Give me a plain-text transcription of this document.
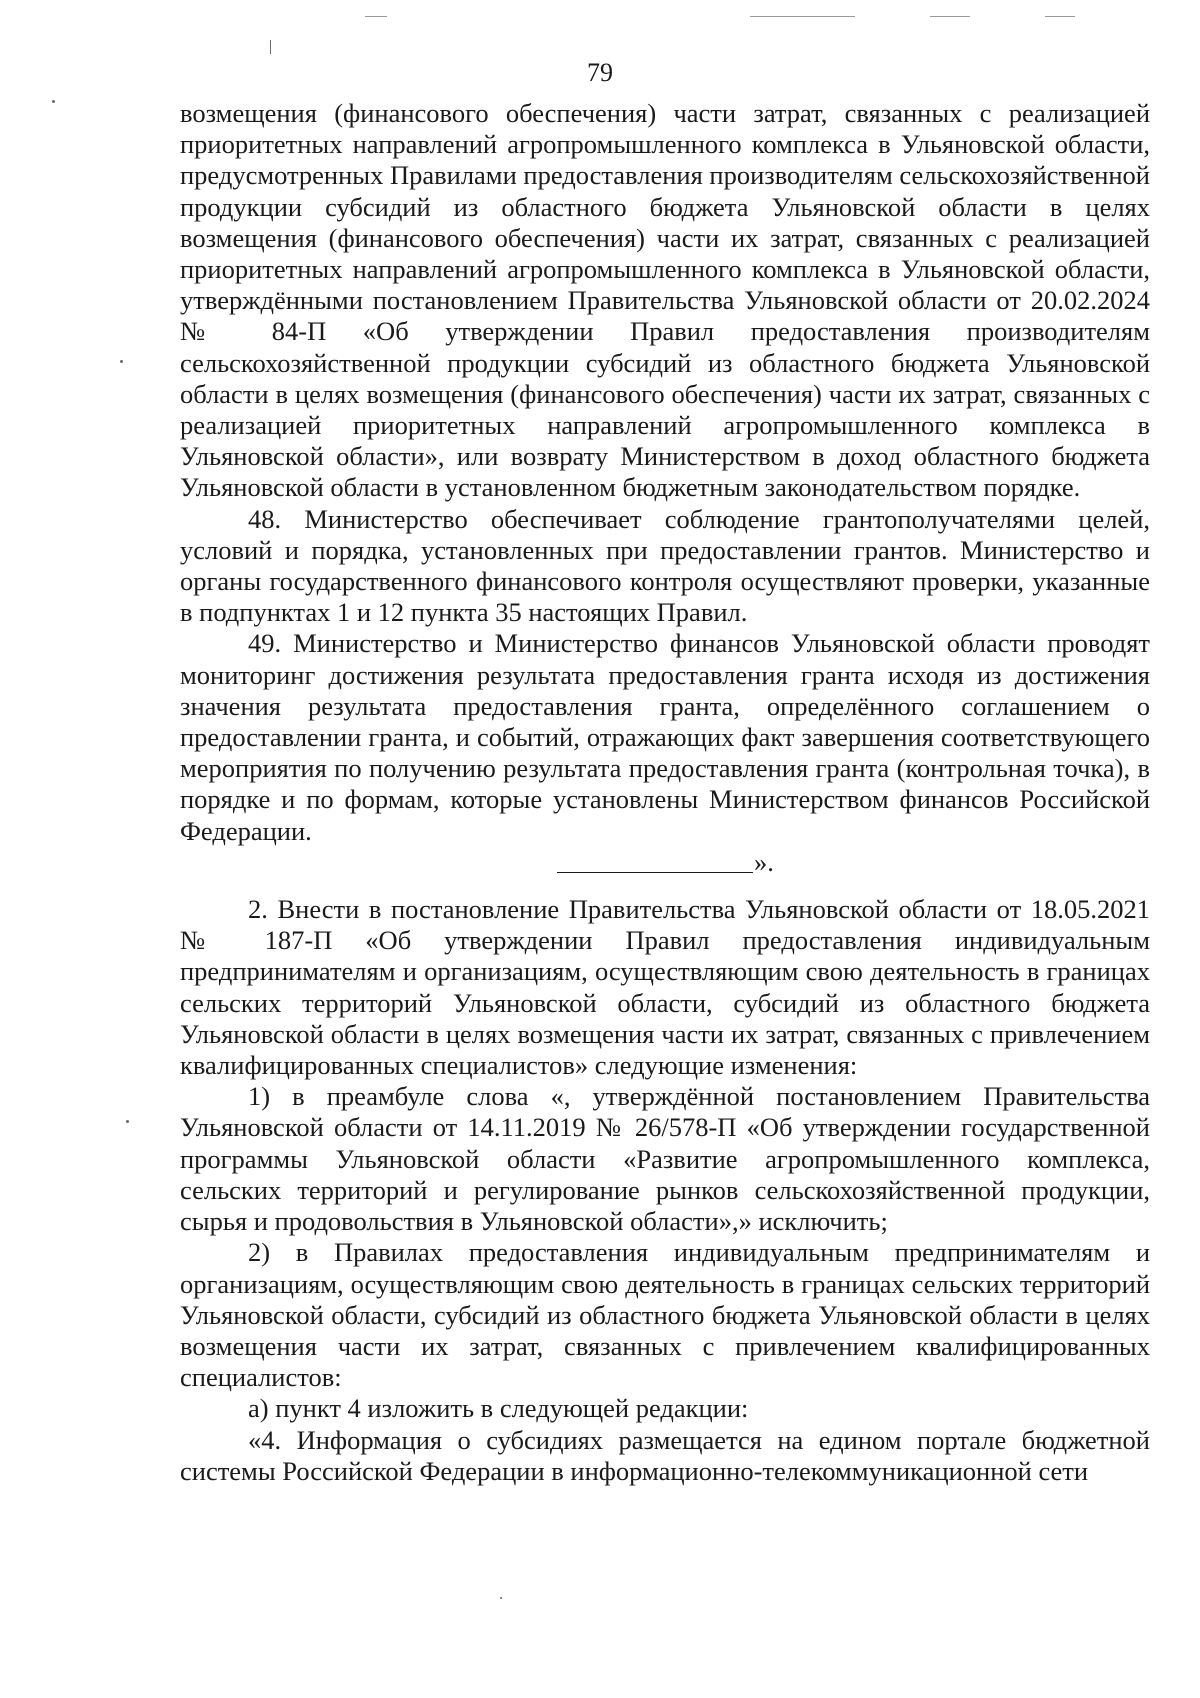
79

возмещения (финансового обеспечения) части затрат, связанных с реализацией приоритетных направлений агропромышленного комплекса в Ульяновской области, предусмотренных Правилами предоставления производителям сельскохозяйственной продукции субсидий из областного бюджета Ульяновской области в целях возмещения (финансового обеспечения) части их затрат, связанных с реализацией приоритетных направлений агропромышленного комплекса в Ульяновской области, утверждёнными постановлением Правительства Ульяновской области от 20.02.2024 № 84-П «Об утверждении Правил предоставления производителям сельскохозяйственной продукции субсидий из областного бюджета Ульяновской области в целях возмещения (финансового обеспечения) части их затрат, связанных с реализацией приоритетных направлений агропромышленного комплекса в Ульяновской области», или возврату Министерством в доход областного бюджета Ульяновской области в установленном бюджетным законодательством порядке.

48. Министерство обеспечивает соблюдение грантополучателями целей, условий и порядка, установленных при предоставлении грантов. Министерство и органы государственного финансового контроля осуществляют проверки, указанные в подпунктах 1 и 12 пункта 35 настоящих Правил.

49. Министерство и Министерство финансов Ульяновской области проводят мониторинг достижения результата предоставления гранта исходя из достижения значения результата предоставления гранта, определённого соглашением о предоставлении гранта, и событий, отражающих факт завершения соответствующего мероприятия по получению результата предоставления гранта (контрольная точка), в порядке и по формам, которые установлены Министерством финансов Российской Федерации.

».

2. Внести в постановление Правительства Ульяновской области от 18.05.2021 № 187-П «Об утверждении Правил предоставления индивидуальным предпринимателям и организациям, осуществляющим свою деятельность в границах сельских территорий Ульяновской области, субсидий из областного бюджета Ульяновской области в целях возмещения части их затрат, связанных с привлечением квалифицированных специалистов» следующие изменения:

1) в преамбуле слова «, утверждённой постановлением Правительства Ульяновской области от 14.11.2019 № 26/578-П «Об утверждении государственной программы Ульяновской области «Развитие агропромышленного комплекса, сельских территорий и регулирование рынков сельскохозяйственной продукции, сырья и продовольствия в Ульяновской области»,» исключить;

2) в Правилах предоставления индивидуальным предпринимателям и организациям, осуществляющим свою деятельность в границах сельских территорий Ульяновской области, субсидий из областного бюджета Ульяновской области в целях возмещения части их затрат, связанных с привлечением квалифицированных специалистов:

а) пункт 4 изложить в следующей редакции:

«4. Информация о субсидиях размещается на едином портале бюджетной системы Российской Федерации в информационно-телекоммуникационной сети
